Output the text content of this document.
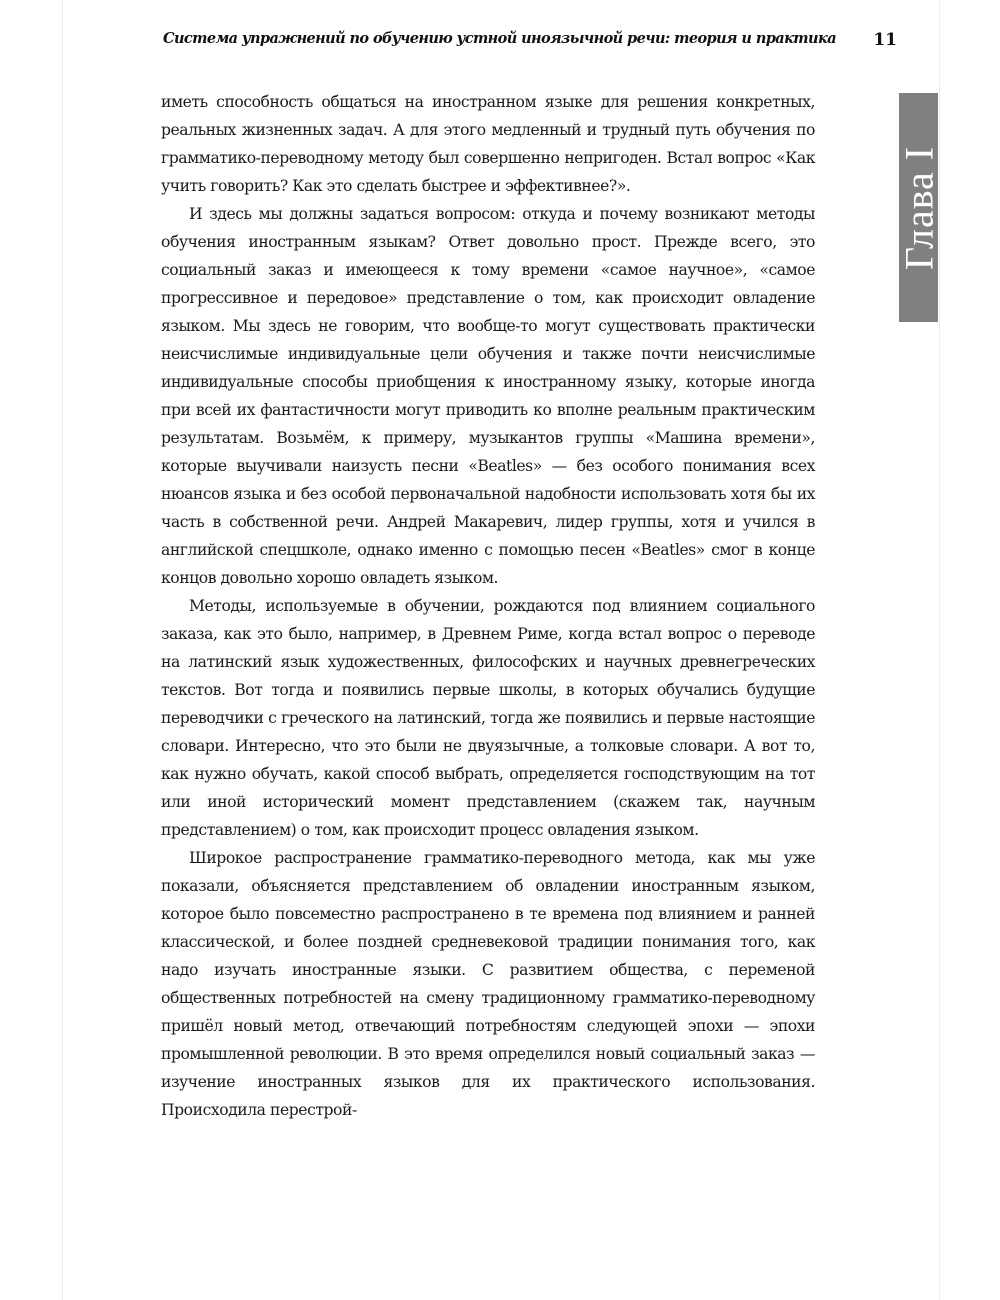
Система упражнений по обучению устной иноязычной речи: теория и практика 11
Глава I

иметь способность общаться на иностранном языке для решения конкретных, реальных жизненных задач. А для этого медленный и трудный путь обучения по грамматико-переводному методу был совершенно непригоден. Встал вопрос «Как учить говорить? Как это сделать быстрее и эффективнее?».

И здесь мы должны задаться вопросом: откуда и почему возникают методы обучения иностранным языкам? Ответ довольно прост. Прежде всего, это социальный заказ и имеющееся к тому времени «самое научное», «самое прогрессивное и передовое» представление о том, как происходит овладение языком. Мы здесь не говорим, что вообще-то могут существовать практически неисчислимые индивидуальные цели обучения и также почти неисчислимые индивидуальные способы приобщения к иностранному языку, которые иногда при всей их фантастичности могут приводить ко вполне реальным практическим результатам. Возьмём, к примеру, музыкантов группы «Машина времени», которые выучивали наизусть песни «Beatles» — без особого понимания всех нюансов языка и без особой первоначальной надобности использовать хотя бы их часть в собственной речи. Андрей Макаревич, лидер группы, хотя и учился в английской спецшколе, однако именно с помощью песен «Beatles» смог в конце концов довольно хорошо овладеть языком.

Методы, используемые в обучении, рождаются под влиянием социального заказа, как это было, например, в Древнем Риме, когда встал вопрос о переводе на латинский язык художественных, философских и научных древнегреческих текстов. Вот тогда и появились первые школы, в которых обучались будущие переводчики с греческого на латинский, тогда же появились и первые настоящие словари. Интересно, что это были не двуязычные, а толковые словари. А вот то, как нужно обучать, какой способ выбрать, определяется господствующим на тот или иной исторический момент представлением (скажем так, научным представлением) о том, как происходит процесс овладения языком.

Широкое распространение грамматико-переводного метода, как мы уже показали, объясняется представлением об овладении иностранным языком, которое было повсеместно распространено в те времена под влиянием и ранней классической, и более поздней средневековой традиции понимания того, как надо изучать иностранные языки. С развитием общества, с переменой общественных потребностей на смену традиционному грамматико-переводному пришёл новый метод, отвечающий потребностям следующей эпохи — эпохи промышленной революции. В это время определился новый социальный заказ — изучение иностранных языков для их практического использования. Происходила перестрой-
